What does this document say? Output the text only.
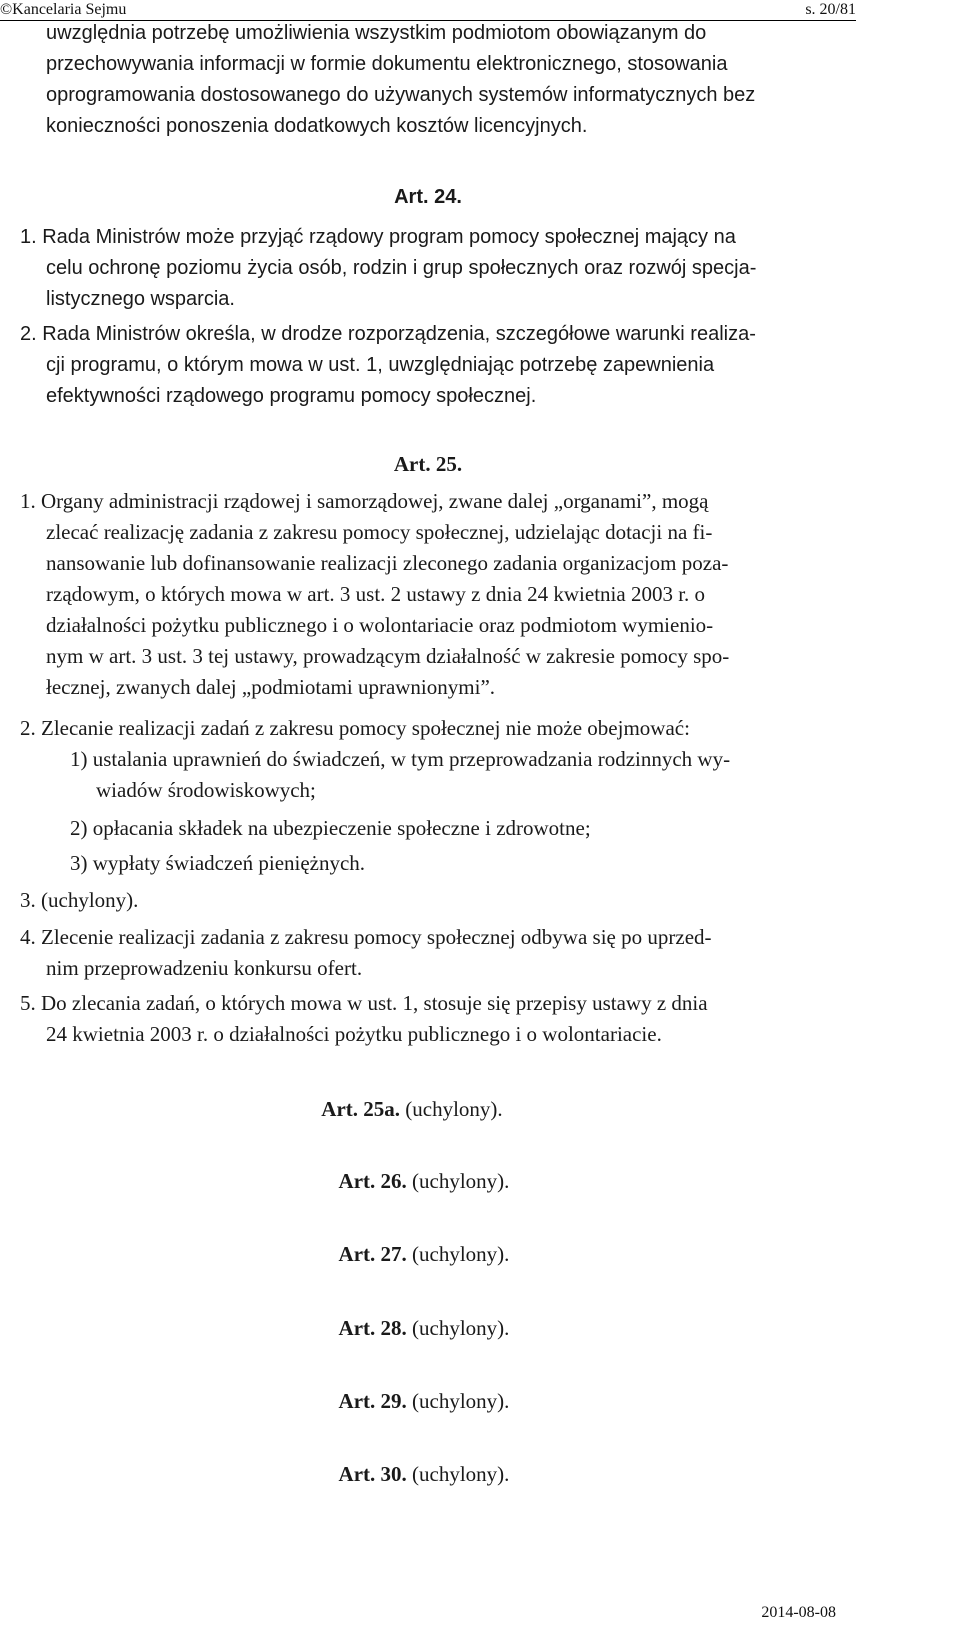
©Kancelaria Sejmu	s. 20/81

uwzględnia potrzebę umożliwienia wszystkim podmiotom obowiązanym do

przechowywania informacji w formie dokumentu elektronicznego, stosowania

oprogramowania dostosowanego do używanych systemów informatycznych bez

konieczności ponoszenia dodatkowych kosztów licencyjnych.

Art. 24.

1. Rada Ministrów może przyjąć rządowy program pomocy społecznej mający na

celu ochronę poziomu życia osób, rodzin i grup społecznych oraz rozwój specja-

listycznego wsparcia.

2. Rada Ministrów określa, w drodze rozporządzenia, szczegółowe warunki realiza-

cji programu, o którym mowa w ust. 1, uwzględniając potrzebę zapewnienia

efektywności rządowego programu pomocy społecznej.

Art. 25.

1. Organy administracji rządowej i samorządowej, zwane dalej „organami”, mogą

zlecać realizację zadania z zakresu pomocy społecznej, udzielając dotacji na fi-

nansowanie lub dofinansowanie realizacji zleconego zadania organizacjom poza-

rządowym, o których mowa w art. 3 ust. 2 ustawy z dnia 24 kwietnia 2003 r. o

działalności pożytku publicznego i o wolontariacie oraz podmiotom wymienio-

nym w art. 3 ust. 3 tej ustawy, prowadzącym działalność w zakresie pomocy spo-

łecznej, zwanych dalej „podmiotami uprawnionymi”.

2. Zlecanie realizacji zadań z zakresu pomocy społecznej nie może obejmować:

1) ustalania uprawnień do świadczeń, w tym przeprowadzania rodzinnych wy-

wiadów środowiskowych;

2) opłacania składek na ubezpieczenie społeczne i zdrowotne;

3) wypłaty świadczeń pieniężnych.

3. (uchylony).

4. Zlecenie realizacji zadania z zakresu pomocy społecznej odbywa się po uprzed-

nim przeprowadzeniu konkursu ofert.

5. Do zlecania zadań, o których mowa w ust. 1, stosuje się przepisy ustawy z dnia

24 kwietnia 2003 r. o działalności pożytku publicznego i o wolontariacie.

Art. 25a. (uchylony).
Art. 26. (uchylony).
Art. 27. (uchylony).
Art. 28. (uchylony).
Art. 29. (uchylony).
Art. 30. (uchylony).
2014-08-08
